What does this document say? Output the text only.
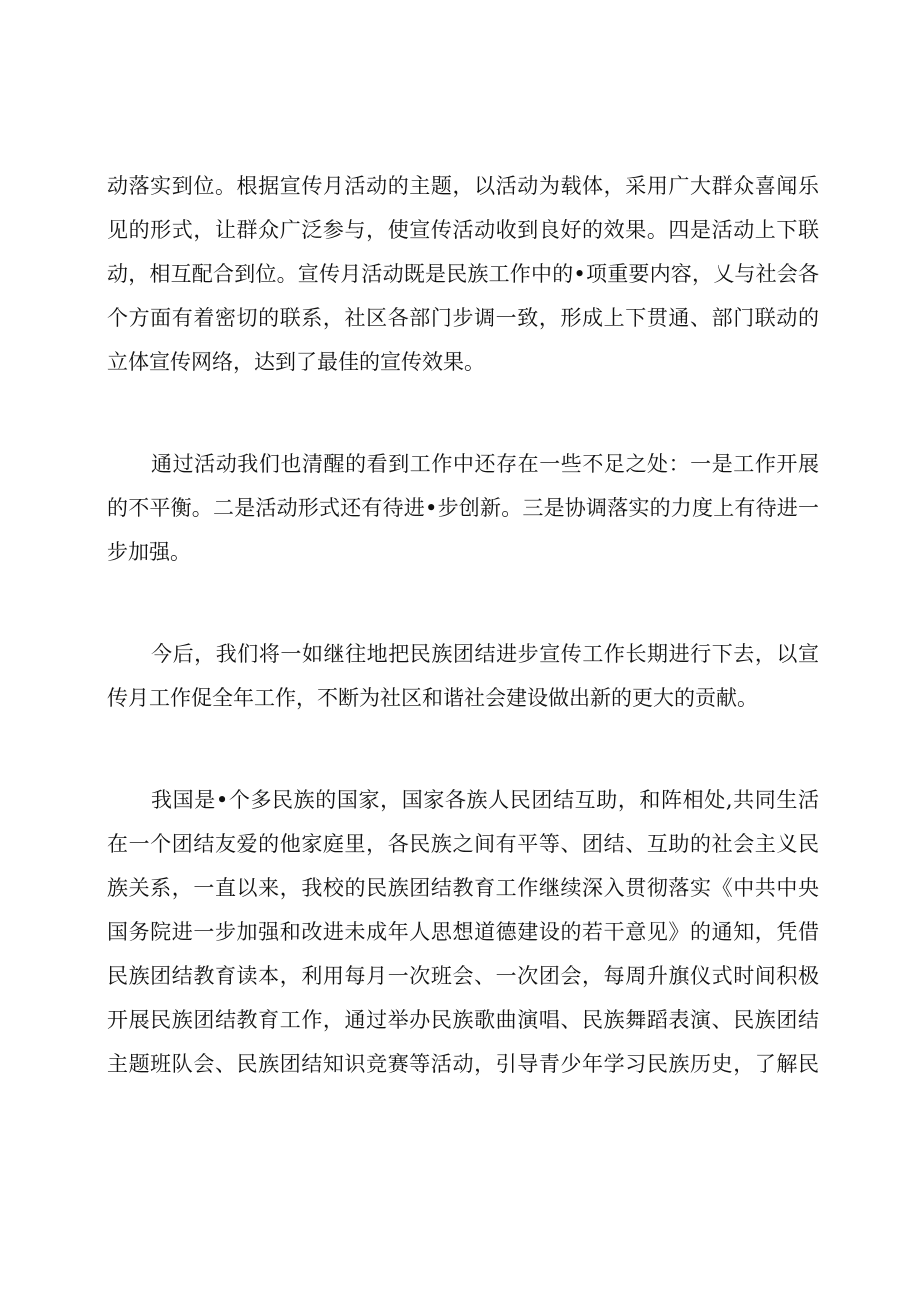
动落实到位。根据宣传月活动的主题，以活动为载体，采用广大群众喜闻乐
见的形式，让群众广泛参与，使宣传活动收到良好的效果。四是活动上下联
动，相互配合到位。宣传月活动既是民族工作中的•项重要内容，乂与社会各
个方面有着密切的联系，社区各部门步调一致，形成上下贯通、部门联动的
立体宣传网络，达到了最佳的宣传效果。
通过活动我们也清醒的看到工作中还存在一些不足之处：一是工作开展
的不平衡。二是活动形式还有待进•步创新。三是协调落实的力度上有待进一
步加强。
今后，我们将一如继往地把民族团结进步宣传工作长期进行下去，以宣
传月工作促全年工作，不断为社区和谐社会建设做出新的更大的贡献。
我国是•个多民族的国家，国家各族人民团结互助，和阵相处,共同生活
在一个团结友爱的他家庭里，各民族之间有平等、团结、互助的社会主义民
族关系，一直以来，我校的民族团结教育工作继续深入贯彻落实《中共中央
国务院进一步加强和改进未成年人思想道德建设的若干意见》的通知，凭借
民族团结教育读本，利用每月一次班会、一次团会，每周升旗仪式时间积极
开展民族团结教育工作，通过举办民族歌曲演唱、民族舞蹈表演、民族团结
主题班队会、民族团结知识竞赛等活动，引导青少年学习民族历史，了解民
